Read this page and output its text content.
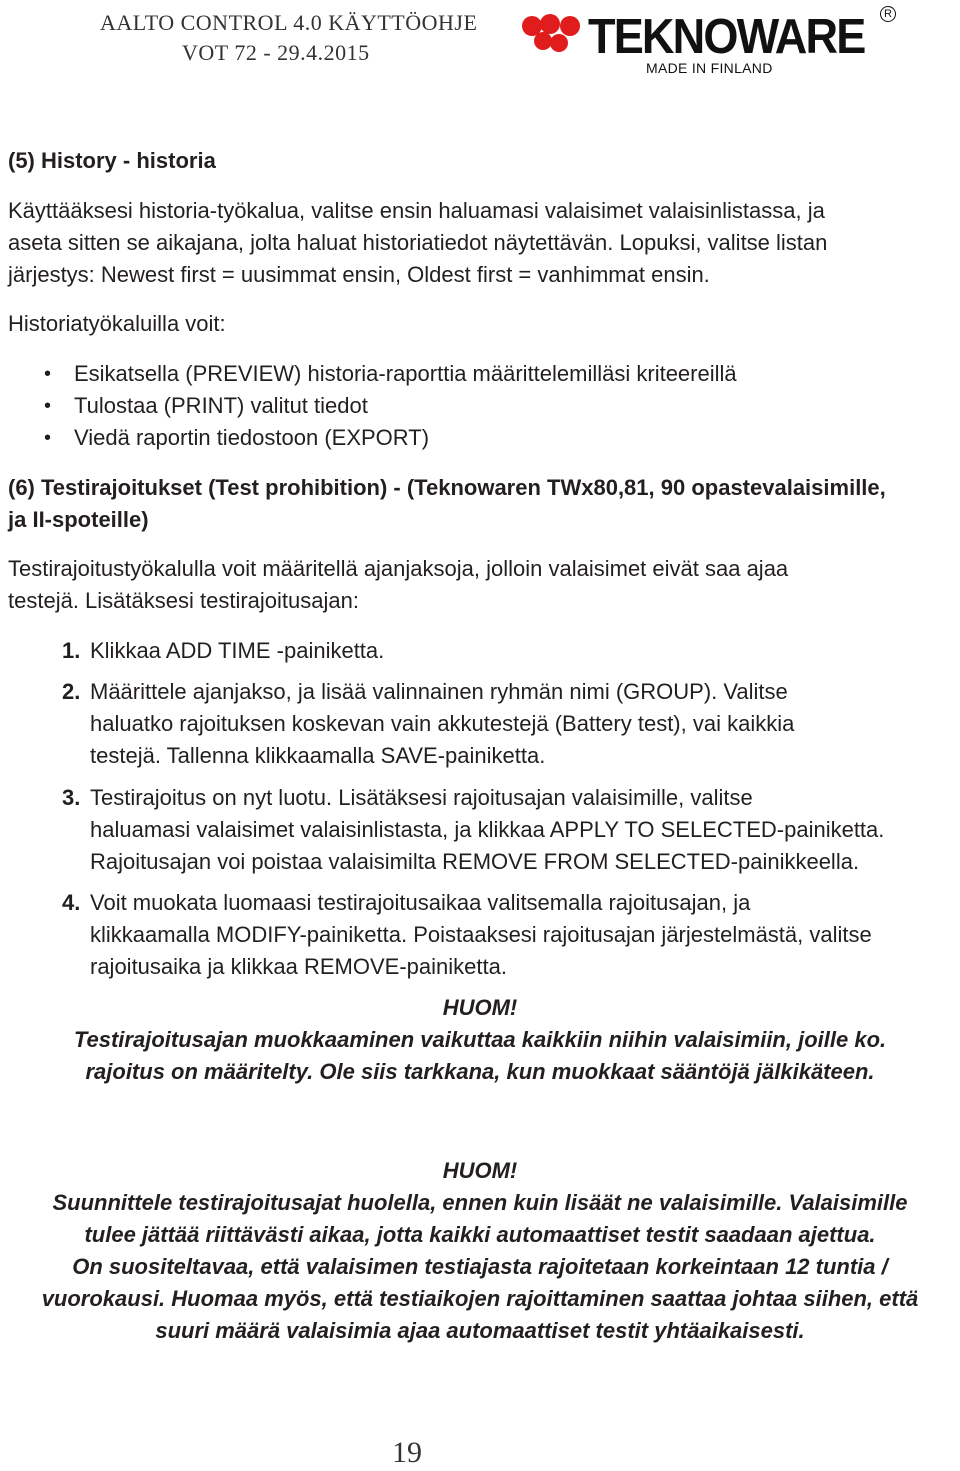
AALTO CONTROL 4.0 KÄYTTÖOHJE
VOT 72 - 29.4.2015	TEKNOWARE	R
MADE IN FINLAND
(5) History - historia
Käyttääksesi historia-työkalua, valitse ensin haluamasi valaisimet valaisinlistassa, ja
aseta sitten se aikajana, jolta haluat historiatiedot näytettävän. Lopuksi, valitse listan
järjestys: Newest first = uusimmat ensin, Oldest first = vanhimmat ensin.
Historiatyökaluilla voit:
• Esikatsella (PREVIEW) historia-raporttia määrittelemilläsi kriteereillä
• Tulostaa (PRINT) valitut tiedot
• Viedä raportin tiedostoon (EXPORT)
(6) Testirajoitukset (Test prohibition) - (Teknowaren TWx80,81, 90 opastevalaisimille,
ja II-spoteille)
Testirajoitustyökalulla voit määritellä ajanjaksoja, jolloin valaisimet eivät saa ajaa
testejä. Lisätäksesi testirajoitusajan:
1. Klikkaa ADD TIME -painiketta.
2. Määrittele ajanjakso, ja lisää valinnainen ryhmän nimi (GROUP). Valitse
haluatko rajoituksen koskevan vain akkutestejä (Battery test), vai kaikkia
testejä. Tallenna klikkaamalla SAVE-painiketta.
3. Testirajoitus on nyt luotu. Lisätäksesi rajoitusajan valaisimille, valitse
haluamasi valaisimet valaisinlistasta, ja klikkaa APPLY TO SELECTED-painiketta.
Rajoitusajan voi poistaa valaisimilta REMOVE FROM SELECTED-painikkeella.
4. Voit muokata luomaasi testirajoitusaikaa valitsemalla rajoitusajan, ja
klikkaamalla MODIFY-painiketta. Poistaaksesi rajoitusajan järjestelmästä, valitse
rajoitusaika ja klikkaa REMOVE-painiketta.
HUOM!
Testirajoitusajan muokkaaminen vaikuttaa kaikkiin niihin valaisimiin, joille ko.
rajoitus on määritelty. Ole siis tarkkana, kun muokkaat sääntöjä jälkikäteen.
HUOM!
Suunnittele testirajoitusajat huolella, ennen kuin lisäät ne valaisimille. Valaisimille
tulee jättää riittävästi aikaa, jotta kaikki automaattiset testit saadaan ajettua.
On suositeltavaa, että valaisimen testiajasta rajoitetaan korkeintaan 12 tuntia /
vuorokausi. Huomaa myös, että testiaikojen rajoittaminen saattaa johtaa siihen, että
suuri määrä valaisimia ajaa automaattiset testit yhtäaikaisesti.
19
